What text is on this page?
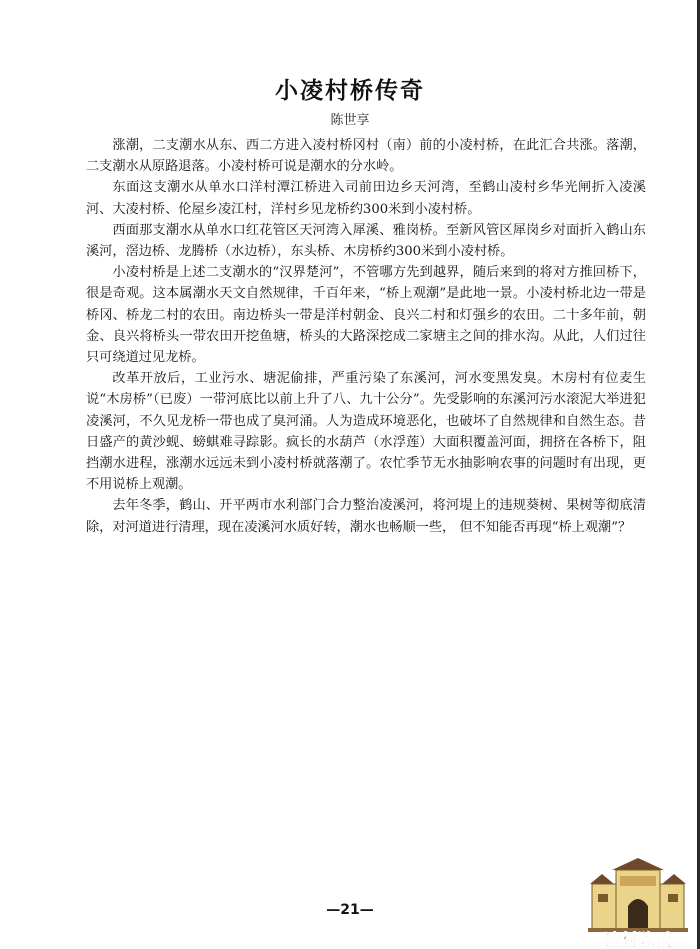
小凌村桥传奇
陈世享

涨潮，二支潮水从东、西二方进入凌村桥冈村（南）前的小凌村桥，在此汇合共涨。落潮，二支潮水从原路退落。小凌村桥可说是潮水的分水岭。

东面这支潮水从单水口洋村潭江桥进入司前田边乡天河湾，至鹤山凌村乡华光闸折入凌溪河、大凌村桥、伦屋乡凌江村，洋村乡见龙桥约300米到小凌村桥。

西面那支潮水从单水口红花管区天河湾入犀溪、雅岗桥。至新风管区犀岗乡对面折入鹤山东溪河，滘边桥、龙腾桥（水边桥），东头桥、木房桥约300米到小凌村桥。

小凌村桥是上述二支潮水的“汉界楚河”，不管哪方先到越界，随后来到的将对方推回桥下，很是奇观。这本属潮水天文自然规律，千百年来，“桥上观潮”是此地一景。小凌村桥北边一带是桥冈、桥龙二村的农田。南边桥头一带是洋村朝金、良兴二村和灯强乡的农田。二十多年前，朝金、良兴将桥头一带农田开挖鱼塘，桥头的大路深挖成二家塘主之间的排水沟。从此，人们过往只可绕道过见龙桥。

改革开放后，工业污水、塘泥偷排，严重污染了东溪河，河水变黑发臭。木房村有位麦生说“木房桥”（已废）一带河底比以前上升了八、九十公分”。先受影响的东溪河污水滚泥大举进犯凌溪河，不久见龙桥一带也成了臭河涌。人为造成环境恶化，也破坏了自然规律和自然生态。昔日盛产的黄沙蚬、螃蜞难寻踪影。疯长的水葫芦（水浮莲）大面积覆盖河面，拥挤在各桥下，阻挡潮水进程，涨潮水远远未到小凌村桥就落潮了。农忙季节无水抽影响农事的问题时有出现，更不用说桥上观潮。

去年冬季，鹤山、开平两市水利部门合力整治凌溪河，将河堤上的违规葵树、果树等彻底清除，对河道进行清理，现在凌溪河水质好转，潮水也畅顺一些， 但不知能否再现“桥上观潮”？

—21—
凌村陈氏
